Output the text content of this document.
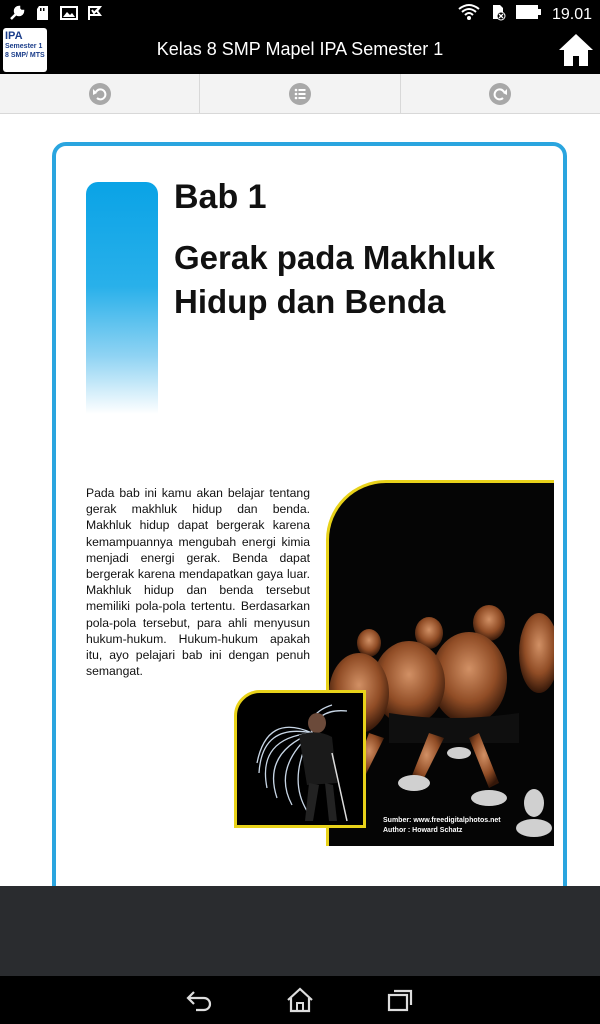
19.01
IPA
Semester 1
8 SMP/ MTS	Kelas 8 SMP Mapel IPA Semester 1
Bab 1
Gerak pada Makhluk
Hidup dan Benda
Pada bab ini kamu akan belajar tentang gerak makhluk hidup dan benda. Makhluk hidup dapat bergerak karena kemampuannya mengubah energi kimia menjadi energi gerak. Benda dapat bergerak karena mendapatkan gaya luar. Makhluk hidup dan benda tersebut memiliki pola-pola tertentu. Berdasarkan pola-pola tersebut, para ahli menyusun hukum-hukum. Hukum-hukum apakah itu, ayo pelajari bab ini dengan penuh semangat.
Sumber: www.freedigitalphotos.net
Author : Howard Schatz
